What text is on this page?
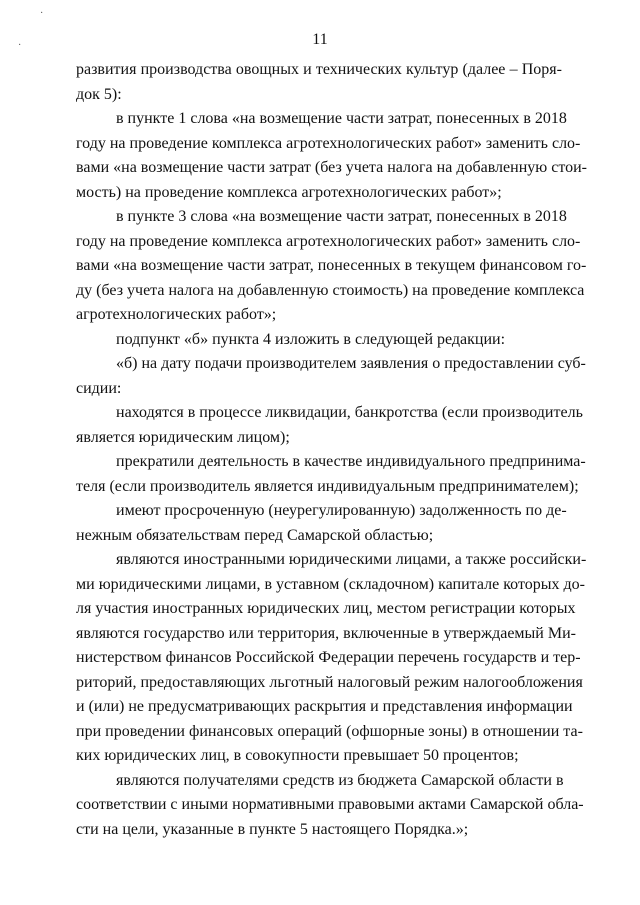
·
·	11
развития производства овощных и технических культур (далее – Поря-
док 5):
в пункте 1 слова «на возмещение части затрат, понесенных в 2018
году на проведение комплекса агротехнологических работ» заменить сло-
вами «на возмещение части затрат (без учета налога на добавленную стои-
мость) на проведение комплекса агротехнологических работ»;
в пункте 3 слова «на возмещение части затрат, понесенных в 2018
году на проведение комплекса агротехнологических работ» заменить сло-
вами «на возмещение части затрат, понесенных в текущем финансовом го-
ду (без учета налога на добавленную стоимость) на проведение комплекса
агротехнологических работ»;
подпункт «б» пункта 4 изложить в следующей редакции:
«б) на дату подачи производителем заявления о предоставлении суб-
сидии:
находятся в процессе ликвидации, банкротства (если производитель
является юридическим лицом);
прекратили деятельность в качестве индивидуального предпринима-
теля (если производитель является индивидуальным предпринимателем);
имеют просроченную (неурегулированную) задолженность по де-
нежным обязательствам перед Самарской областью;
являются иностранными юридическими лицами, а также российски-
ми юридическими лицами, в уставном (складочном) капитале которых до-
ля участия иностранных юридических лиц, местом регистрации которых
являются государство или территория, включенные в утверждаемый Ми-
нистерством финансов Российской Федерации перечень государств и тер-
риторий, предоставляющих льготный налоговый режим налогообложения
и (или) не предусматривающих раскрытия и представления информации
при проведении финансовых операций (офшорные зоны) в отношении та-
ких юридических лиц, в совокупности превышает 50 процентов;
являются получателями средств из бюджета Самарской области в
соответствии с иными нормативными правовыми актами Самарской обла-
сти на цели, указанные в пункте 5 настоящего Порядка.»;
